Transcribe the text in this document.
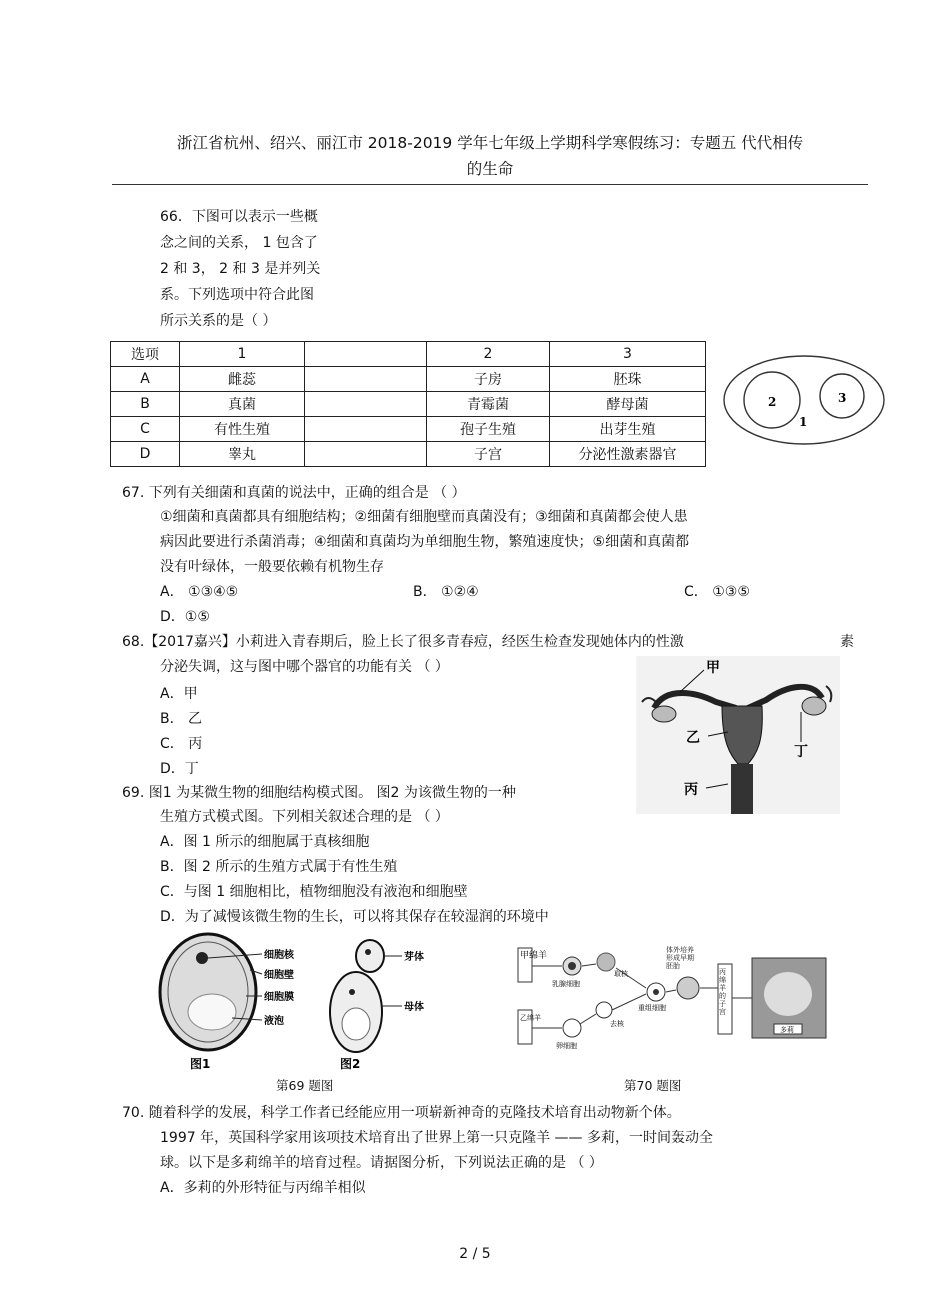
浙江省杭州、绍兴、丽江市 2018-2019 学年七年级上学期科学寒假练习：专题五 代代相传
的生命
66．下图可以表示一些概
念之间的关系， 1 包含了
2 和 3， 2 和 3 是并列关
系。下列选项中符合此图
所示关系的是（ ）
选项	1		2	3
A	雌蕊		子房	胚珠
B	真菌		青霉菌	酵母菌
C	有性生殖		孢子生殖	出芽生殖
D	睾丸		子宫	分泌性激素器官
2	3
1
67. 下列有关细菌和真菌的说法中，正确的组合是 （ ）
①细菌和真菌都具有细胞结构；②细菌有细胞壁而真菌没有；③细菌和真菌都会使人患
病因此要进行杀菌消毒；④细菌和真菌均为单细胞生物，繁殖速度快；⑤细菌和真菌都
没有叶绿体，一般要依赖有机物生存
A． ①③④⑤	B． ①②④	C． ①③⑤
D．①⑤
68.【2017嘉兴】小莉进入青春期后，脸上长了很多青春痘，经医生检查发现她体内的性激	素
分泌失调，这与图中哪个器官的功能有关 （ ）
A．甲
B． 乙
C． 丙
D．丁
甲
乙
丁
丙
69. 图1 为某微生物的细胞结构模式图。 图2 为该微生物的一种
生殖方式模式图。下列相关叙述合理的是 （ ）
A．图 1 所示的细胞属于真核细胞
B．图 2 所示的生殖方式属于有性生殖
C．与图 1 细胞相比，植物细胞没有液泡和细胞壁
D．为了减慢该微生物的生长，可以将其保存在较湿润的环境中
细胞核
细胞壁
细胞膜
液泡
图1
芽体
母体
图2
第69 题图
甲绵羊
乙绵羊
乳腺细胞
取核
卵细胞
去核
重组细胞
体外培养形成早期胚胎
丙绵羊的子宫
多莉
第70 题图
70. 随着科学的发展，科学工作者已经能应用一项崭新神奇的克隆技术培育出动物新个体。
1997 年，英国科学家用该项技术培育出了世界上第一只克隆羊 —— 多莉，一时间轰动全
球。以下是多莉绵羊的培育过程。请据图分析，下列说法正确的是 （ ）
A．多莉的外形特征与丙绵羊相似
2 / 5
